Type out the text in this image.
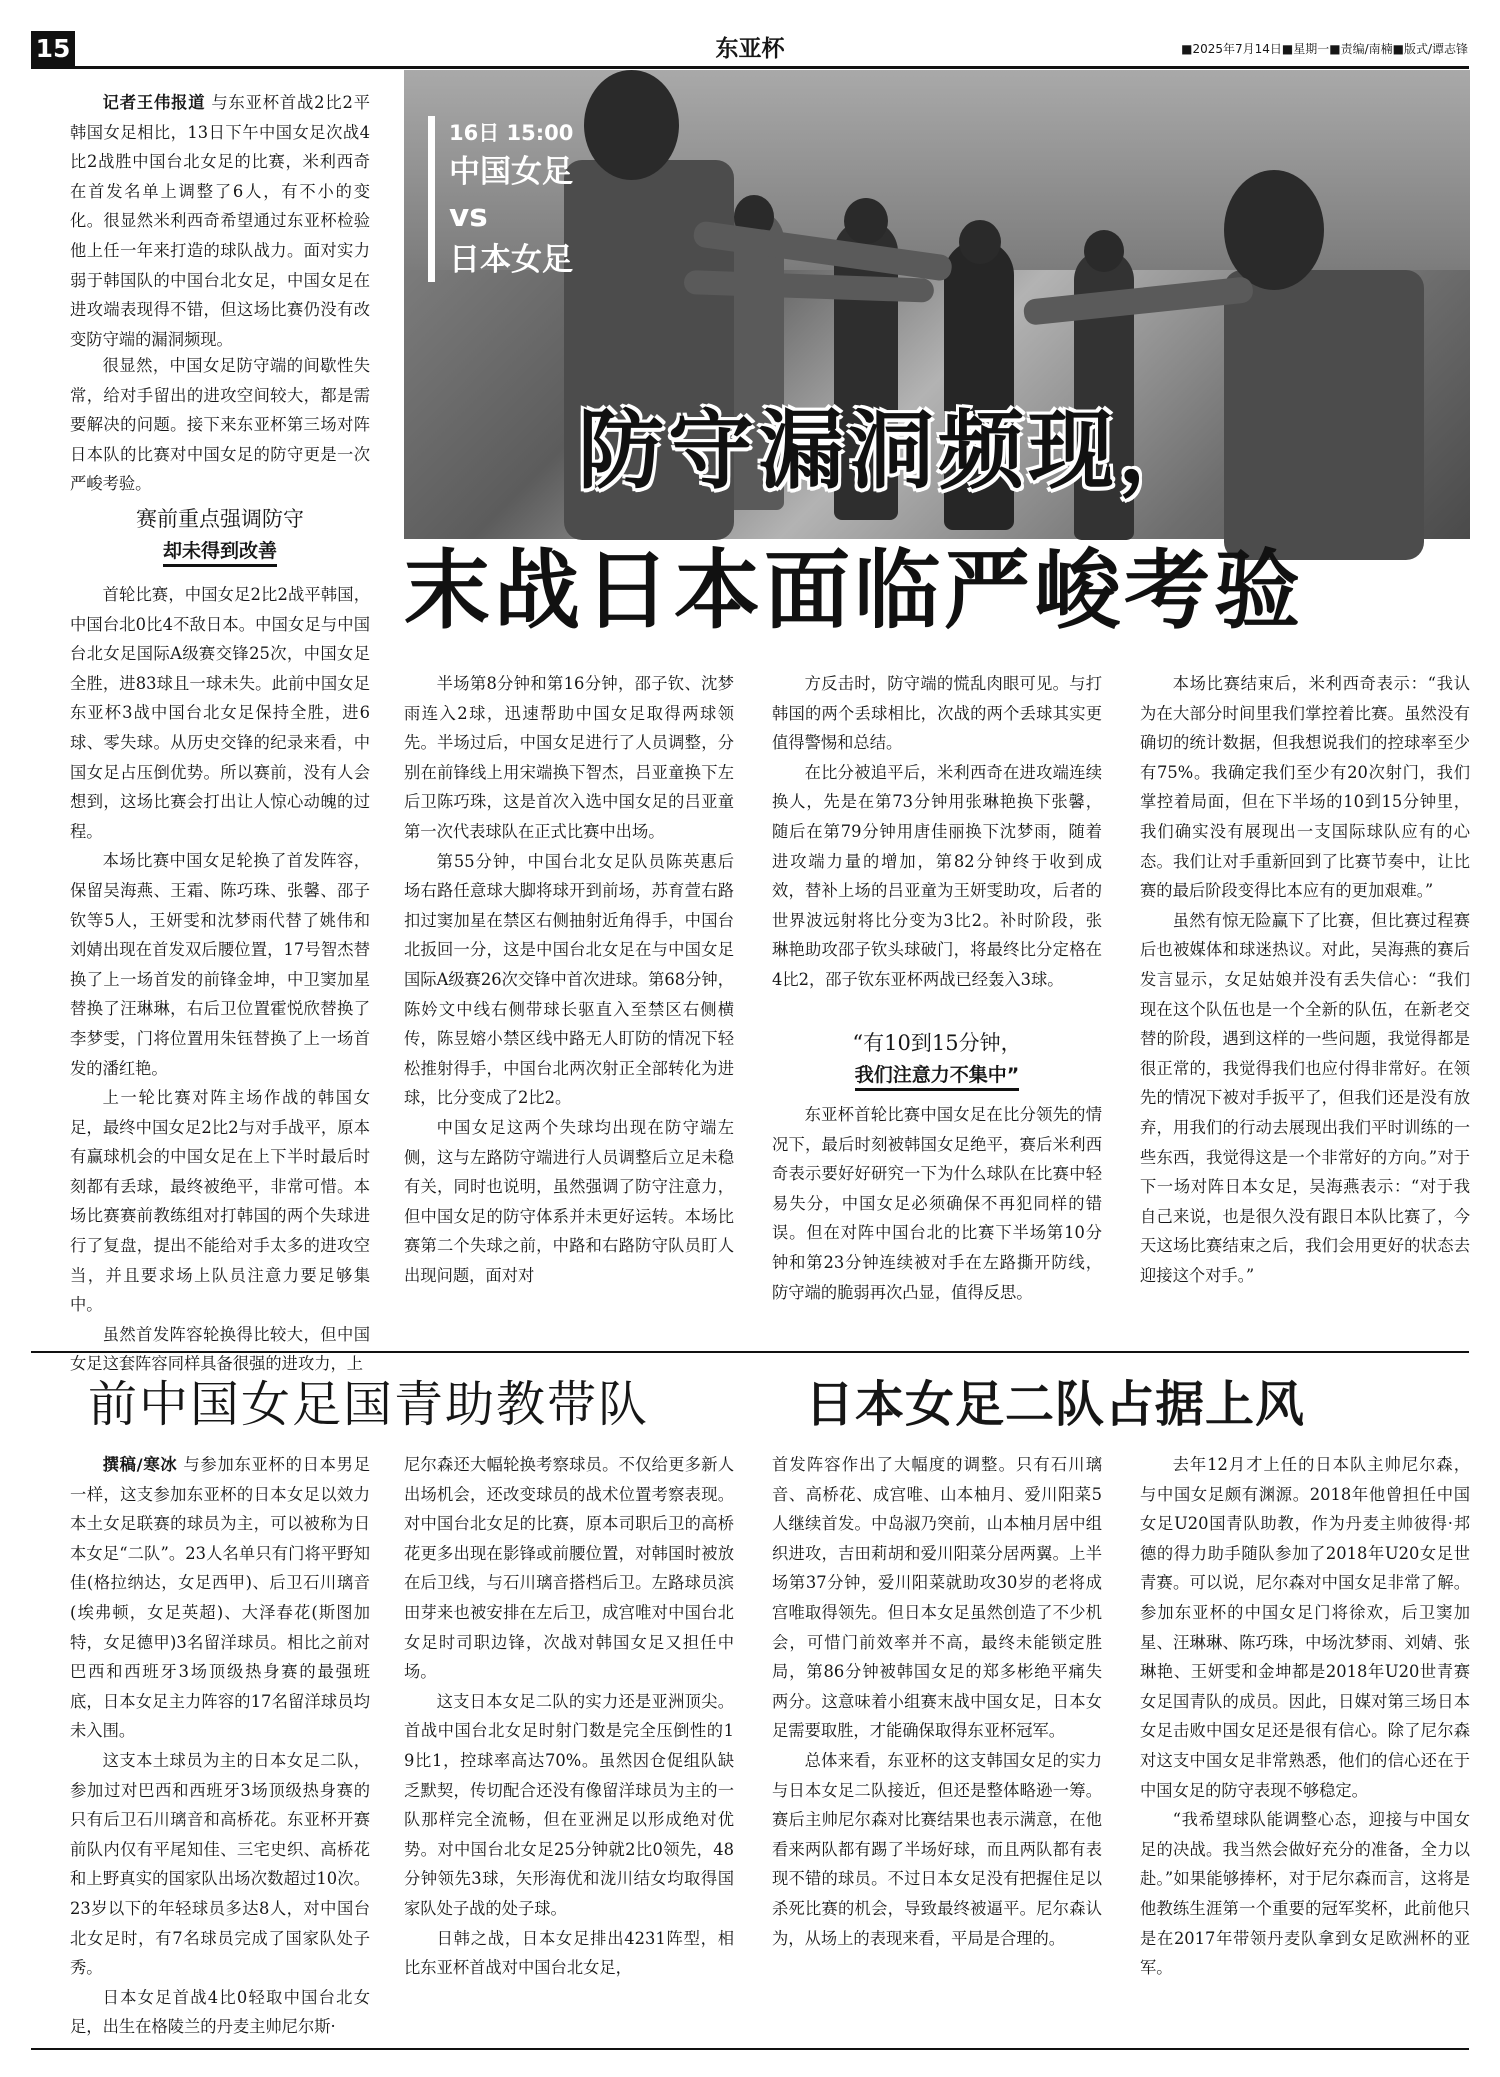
15	东亚杯	■2025年7月14日■星期一■责编/南楠■版式/谭志锋
记者王伟报道 与东亚杯首战2比2平韩国女足相比，13日下午中国女足次战4比2战胜中国台北女足的比赛，米利西奇在首发名单上调整了6人，有不小的变化。很显然米利西奇希望通过东亚杯检验他上任一年来打造的球队战力。面对实力弱于韩国队的中国台北女足，中国女足在进攻端表现得不错，但这场比赛仍没有改变防守端的漏洞频现。
很显然，中国女足防守端的间歇性失常，给对手留出的进攻空间较大，都是需要解决的问题。接下来东亚杯第三场对阵日本队的比赛对中国女足的防守更是一次严峻考验。
赛前重点强调防守
却未得到改善
16日 15:00
中国女足
vs
日本女足
防守漏洞频现，
末战日本面临严峻考验

首轮比赛，中国女足2比2战平韩国，中国台北0比4不敌日本。中国女足与中国台北女足国际A级赛交锋25次，中国女足全胜，进83球且一球未失。此前中国女足东亚杯3战中国台北女足保持全胜，进6球、零失球。从历史交锋的纪录来看，中国女足占压倒优势。所以赛前，没有人会想到，这场比赛会打出让人惊心动魄的过程。

本场比赛中国女足轮换了首发阵容，保留吴海燕、王霜、陈巧珠、张馨、邵子钦等5人，王妍雯和沈梦雨代替了姚伟和刘婧出现在首发双后腰位置，17号智杰替换了上一场首发的前锋金坤，中卫窦加星替换了汪琳琳，右后卫位置霍悦欣替换了李梦雯，门将位置用朱钰替换了上一场首发的潘红艳。

上一轮比赛对阵主场作战的韩国女足，最终中国女足2比2与对手战平，原本有赢球机会的中国女足在上下半时最后时刻都有丢球，最终被绝平，非常可惜。本场比赛赛前教练组对打韩国的两个失球进行了复盘，提出不能给对手太多的进攻空当，并且要求场上队员注意力要足够集中。

虽然首发阵容轮换得比较大，但中国女足这套阵容同样具备很强的进攻力，上

半场第8分钟和第16分钟，邵子钦、沈梦雨连入2球，迅速帮助中国女足取得两球领先。半场过后，中国女足进行了人员调整，分别在前锋线上用宋端换下智杰，吕亚童换下左后卫陈巧珠，这是首次入选中国女足的吕亚童第一次代表球队在正式比赛中出场。

第55分钟，中国台北女足队员陈英惠后场右路任意球大脚将球开到前场，苏育萱右路扣过窦加星在禁区右侧抽射近角得手，中国台北扳回一分，这是中国台北女足在与中国女足国际A级赛26次交锋中首次进球。第68分钟，陈妗文中线右侧带球长驱直入至禁区右侧横传，陈昱嫆小禁区线中路无人盯防的情况下轻松推射得手，中国台北两次射正全部转化为进球，比分变成了2比2。

中国女足这两个失球均出现在防守端左侧，这与左路防守端进行人员调整后立足未稳有关，同时也说明，虽然强调了防守注意力，但中国女足的防守体系并未更好运转。本场比赛第二个失球之前，中路和右路防守队员盯人出现问题，面对对

方反击时，防守端的慌乱肉眼可见。与打韩国的两个丢球相比，次战的两个丢球其实更值得警惕和总结。

在比分被追平后，米利西奇在进攻端连续换人，先是在第73分钟用张琳艳换下张馨，随后在第79分钟用唐佳丽换下沈梦雨，随着进攻端力量的增加，第82分钟终于收到成效，替补上场的吕亚童为王妍雯助攻，后者的世界波远射将比分变为3比2。补时阶段，张琳艳助攻邵子钦头球破门，将最终比分定格在4比2，邵子钦东亚杯两战已经轰入3球。

“有10到15分钟，
我们注意力不集中”

东亚杯首轮比赛中国女足在比分领先的情况下，最后时刻被韩国女足绝平，赛后米利西奇表示要好好研究一下为什么球队在比赛中轻易失分，中国女足必须确保不再犯同样的错误。但在对阵中国台北的比赛下半场第10分钟和第23分钟连续被对手在左路撕开防线，防守端的脆弱再次凸显，值得反思。

本场比赛结束后，米利西奇表示：“我认为在大部分时间里我们掌控着比赛。虽然没有确切的统计数据，但我想说我们的控球率至少有75%。我确定我们至少有20次射门，我们掌控着局面，但在下半场的10到15分钟里，我们确实没有展现出一支国际球队应有的心态。我们让对手重新回到了比赛节奏中，让比赛的最后阶段变得比本应有的更加艰难。”

虽然有惊无险赢下了比赛，但比赛过程赛后也被媒体和球迷热议。对此，吴海燕的赛后发言显示，女足姑娘并没有丢失信心：“我们现在这个队伍也是一个全新的队伍，在新老交替的阶段，遇到这样的一些问题，我觉得都是很正常的，我觉得我们也应付得非常好。在领先的情况下被对手扳平了，但我们还是没有放弃，用我们的行动去展现出我们平时训练的一些东西，我觉得这是一个非常好的方向。”对于下一场对阵日本女足，吴海燕表示：“对于我自己来说，也是很久没有跟日本队比赛了，今天这场比赛结束之后，我们会用更好的状态去迎接这个对手。”

前中国女足国青助教带队	日本女足二队占据上风

撰稿/寒冰 与参加东亚杯的日本男足一样，这支参加东亚杯的日本女足以效力本土女足联赛的球员为主，可以被称为日本女足“二队”。23人名单只有门将平野知佳(格拉纳达，女足西甲)、后卫石川璃音(埃弗顿，女足英超)、大泽春花(斯图加特，女足德甲)3名留洋球员。相比之前对巴西和西班牙3场顶级热身赛的最强班底，日本女足主力阵容的17名留洋球员均未入围。

这支本土球员为主的日本女足二队，参加过对巴西和西班牙3场顶级热身赛的只有后卫石川璃音和高桥花。东亚杯开赛前队内仅有平尾知佳、三宅史织、高桥花和上野真实的国家队出场次数超过10次。23岁以下的年轻球员多达8人，对中国台北女足时，有7名球员完成了国家队处子秀。

日本女足首战4比0轻取中国台北女足，出生在格陵兰的丹麦主帅尼尔斯·

尼尔森还大幅轮换考察球员。不仅给更多新人出场机会，还改变球员的战术位置考察表现。对中国台北女足的比赛，原本司职后卫的高桥花更多出现在影锋或前腰位置，对韩国时被放在后卫线，与石川璃音搭档后卫。左路球员滨田芽来也被安排在左后卫，成宫唯对中国台北女足时司职边锋，次战对韩国女足又担任中场。

这支日本女足二队的实力还是亚洲顶尖。首战中国台北女足时射门数是完全压倒性的19比1，控球率高达70%。虽然因仓促组队缺乏默契，传切配合还没有像留洋球员为主的一队那样完全流畅，但在亚洲足以形成绝对优势。对中国台北女足25分钟就2比0领先，48分钟领先3球，矢形海优和泷川结女均取得国家队处子战的处子球。

日韩之战，日本女足排出4231阵型，相比东亚杯首战对中国台北女足，

首发阵容作出了大幅度的调整。只有石川璃音、高桥花、成宫唯、山本柚月、爱川阳菜5人继续首发。中岛淑乃突前，山本柚月居中组织进攻，吉田莉胡和爱川阳菜分居两翼。上半场第37分钟，爱川阳菜就助攻30岁的老将成宫唯取得领先。但日本女足虽然创造了不少机会，可惜门前效率并不高，最终未能锁定胜局，第86分钟被韩国女足的郑多彬绝平痛失两分。这意味着小组赛末战中国女足，日本女足需要取胜，才能确保取得东亚杯冠军。

总体来看，东亚杯的这支韩国女足的实力与日本女足二队接近，但还是整体略逊一筹。赛后主帅尼尔森对比赛结果也表示满意，在他看来两队都有踢了半场好球，而且两队都有表现不错的球员。不过日本女足没有把握住足以杀死比赛的机会，导致最终被逼平。尼尔森认为，从场上的表现来看，平局是合理的。

去年12月才上任的日本队主帅尼尔森，与中国女足颇有渊源。2018年他曾担任中国女足U20国青队助教，作为丹麦主帅彼得·邦德的得力助手随队参加了2018年U20女足世青赛。可以说，尼尔森对中国女足非常了解。参加东亚杯的中国女足门将徐欢，后卫窦加星、汪琳琳、陈巧珠，中场沈梦雨、刘婧、张琳艳、王妍雯和金坤都是2018年U20世青赛女足国青队的成员。因此，日媒对第三场日本女足击败中国女足还是很有信心。除了尼尔森对这支中国女足非常熟悉，他们的信心还在于中国女足的防守表现不够稳定。

“我希望球队能调整心态，迎接与中国女足的决战。我当然会做好充分的准备，全力以赴。”如果能够捧杯，对于尼尔森而言，这将是他教练生涯第一个重要的冠军奖杯，此前他只是在2017年带领丹麦队拿到女足欧洲杯的亚军。
